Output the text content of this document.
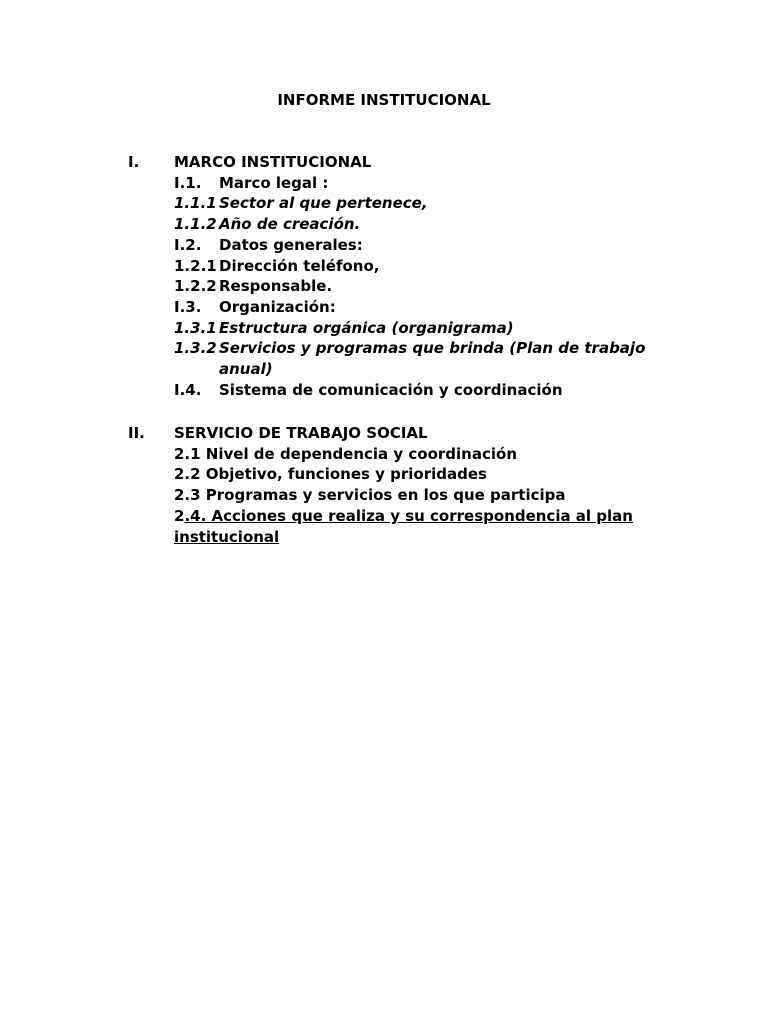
INFORME INSTITUCIONAL
I. MARCO INSTITUCIONAL
I.1.	Marco legal :
1.1.1 Sector al que pertenece,
1.1.2 Año de creación.
I.2.	Datos generales:
1.2.1 Dirección teléfono,
1.2.2 Responsable.
I.3.	Organización:
1.3.1 Estructura orgánica (organigrama)
1.3.2 Servicios y programas que brinda (Plan de trabajo anual)
I.4.	Sistema de comunicación y coordinación
II. SERVICIO DE TRABAJO SOCIAL
2.1 Nivel de dependencia y coordinación
2.2 Objetivo, funciones y prioridades
2.3 Programas y servicios en los que participa
2.4. Acciones que realiza y su correspondencia al plan institucional
